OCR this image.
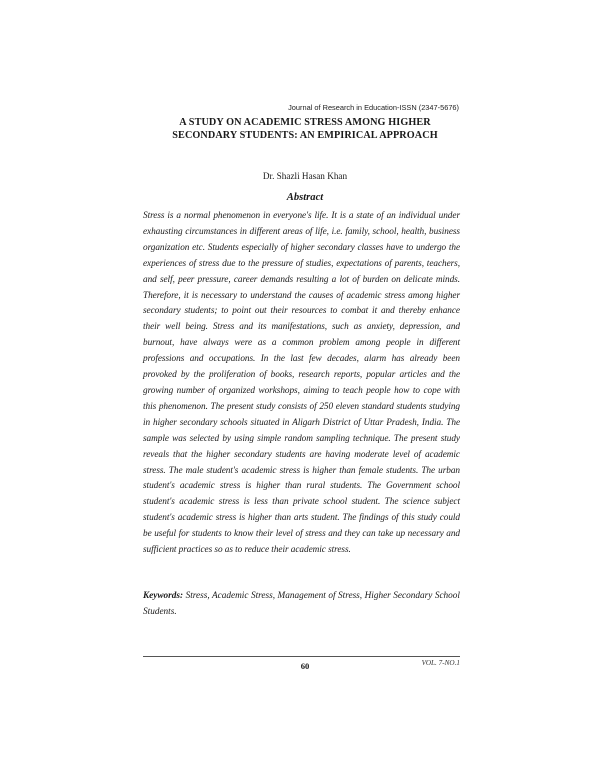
Journal of Research in Education-ISSN (2347-5676)
A STUDY ON ACADEMIC STRESS AMONG HIGHER SECONDARY STUDENTS: AN EMPIRICAL APPROACH

Dr. Shazli Hasan Khan

Abstract

Stress is a normal phenomenon in everyone's life. It is a state of an individual under exhausting circumstances in different areas of life, i.e. family, school, health, business organization etc. Students especially of higher secondary classes have to undergo the experiences of stress due to the pressure of studies, expectations of parents, teachers, and self, peer pressure, career demands resulting a lot of burden on delicate minds. Therefore, it is necessary to understand the causes of academic stress among higher secondary students; to point out their resources to combat it and thereby enhance their well being. Stress and its manifestations, such as anxiety, depression, and burnout, have always were as a common problem among people in different professions and occupations. In the last few decades, alarm has already been provoked by the proliferation of books, research reports, popular articles and the growing number of organized workshops, aiming to teach people how to cope with this phenomenon. The present study consists of 250 eleven standard students studying in higher secondary schools situated in Aligarh District of Uttar Pradesh, India. The sample was selected by using simple random sampling technique. The present study reveals that the higher secondary students are having moderate level of academic stress. The male student's academic stress is higher than female students. The urban student's academic stress is higher than rural students. The Government school student's academic stress is less than private school student. The science subject student's academic stress is higher than arts student. The findings of this study could be useful for students to know their level of stress and they can take up necessary and sufficient practices so as to reduce their academic stress.

Keywords: Stress, Academic Stress, Management of Stress, Higher Secondary School Students.

VOL. 7-NO.1
60
